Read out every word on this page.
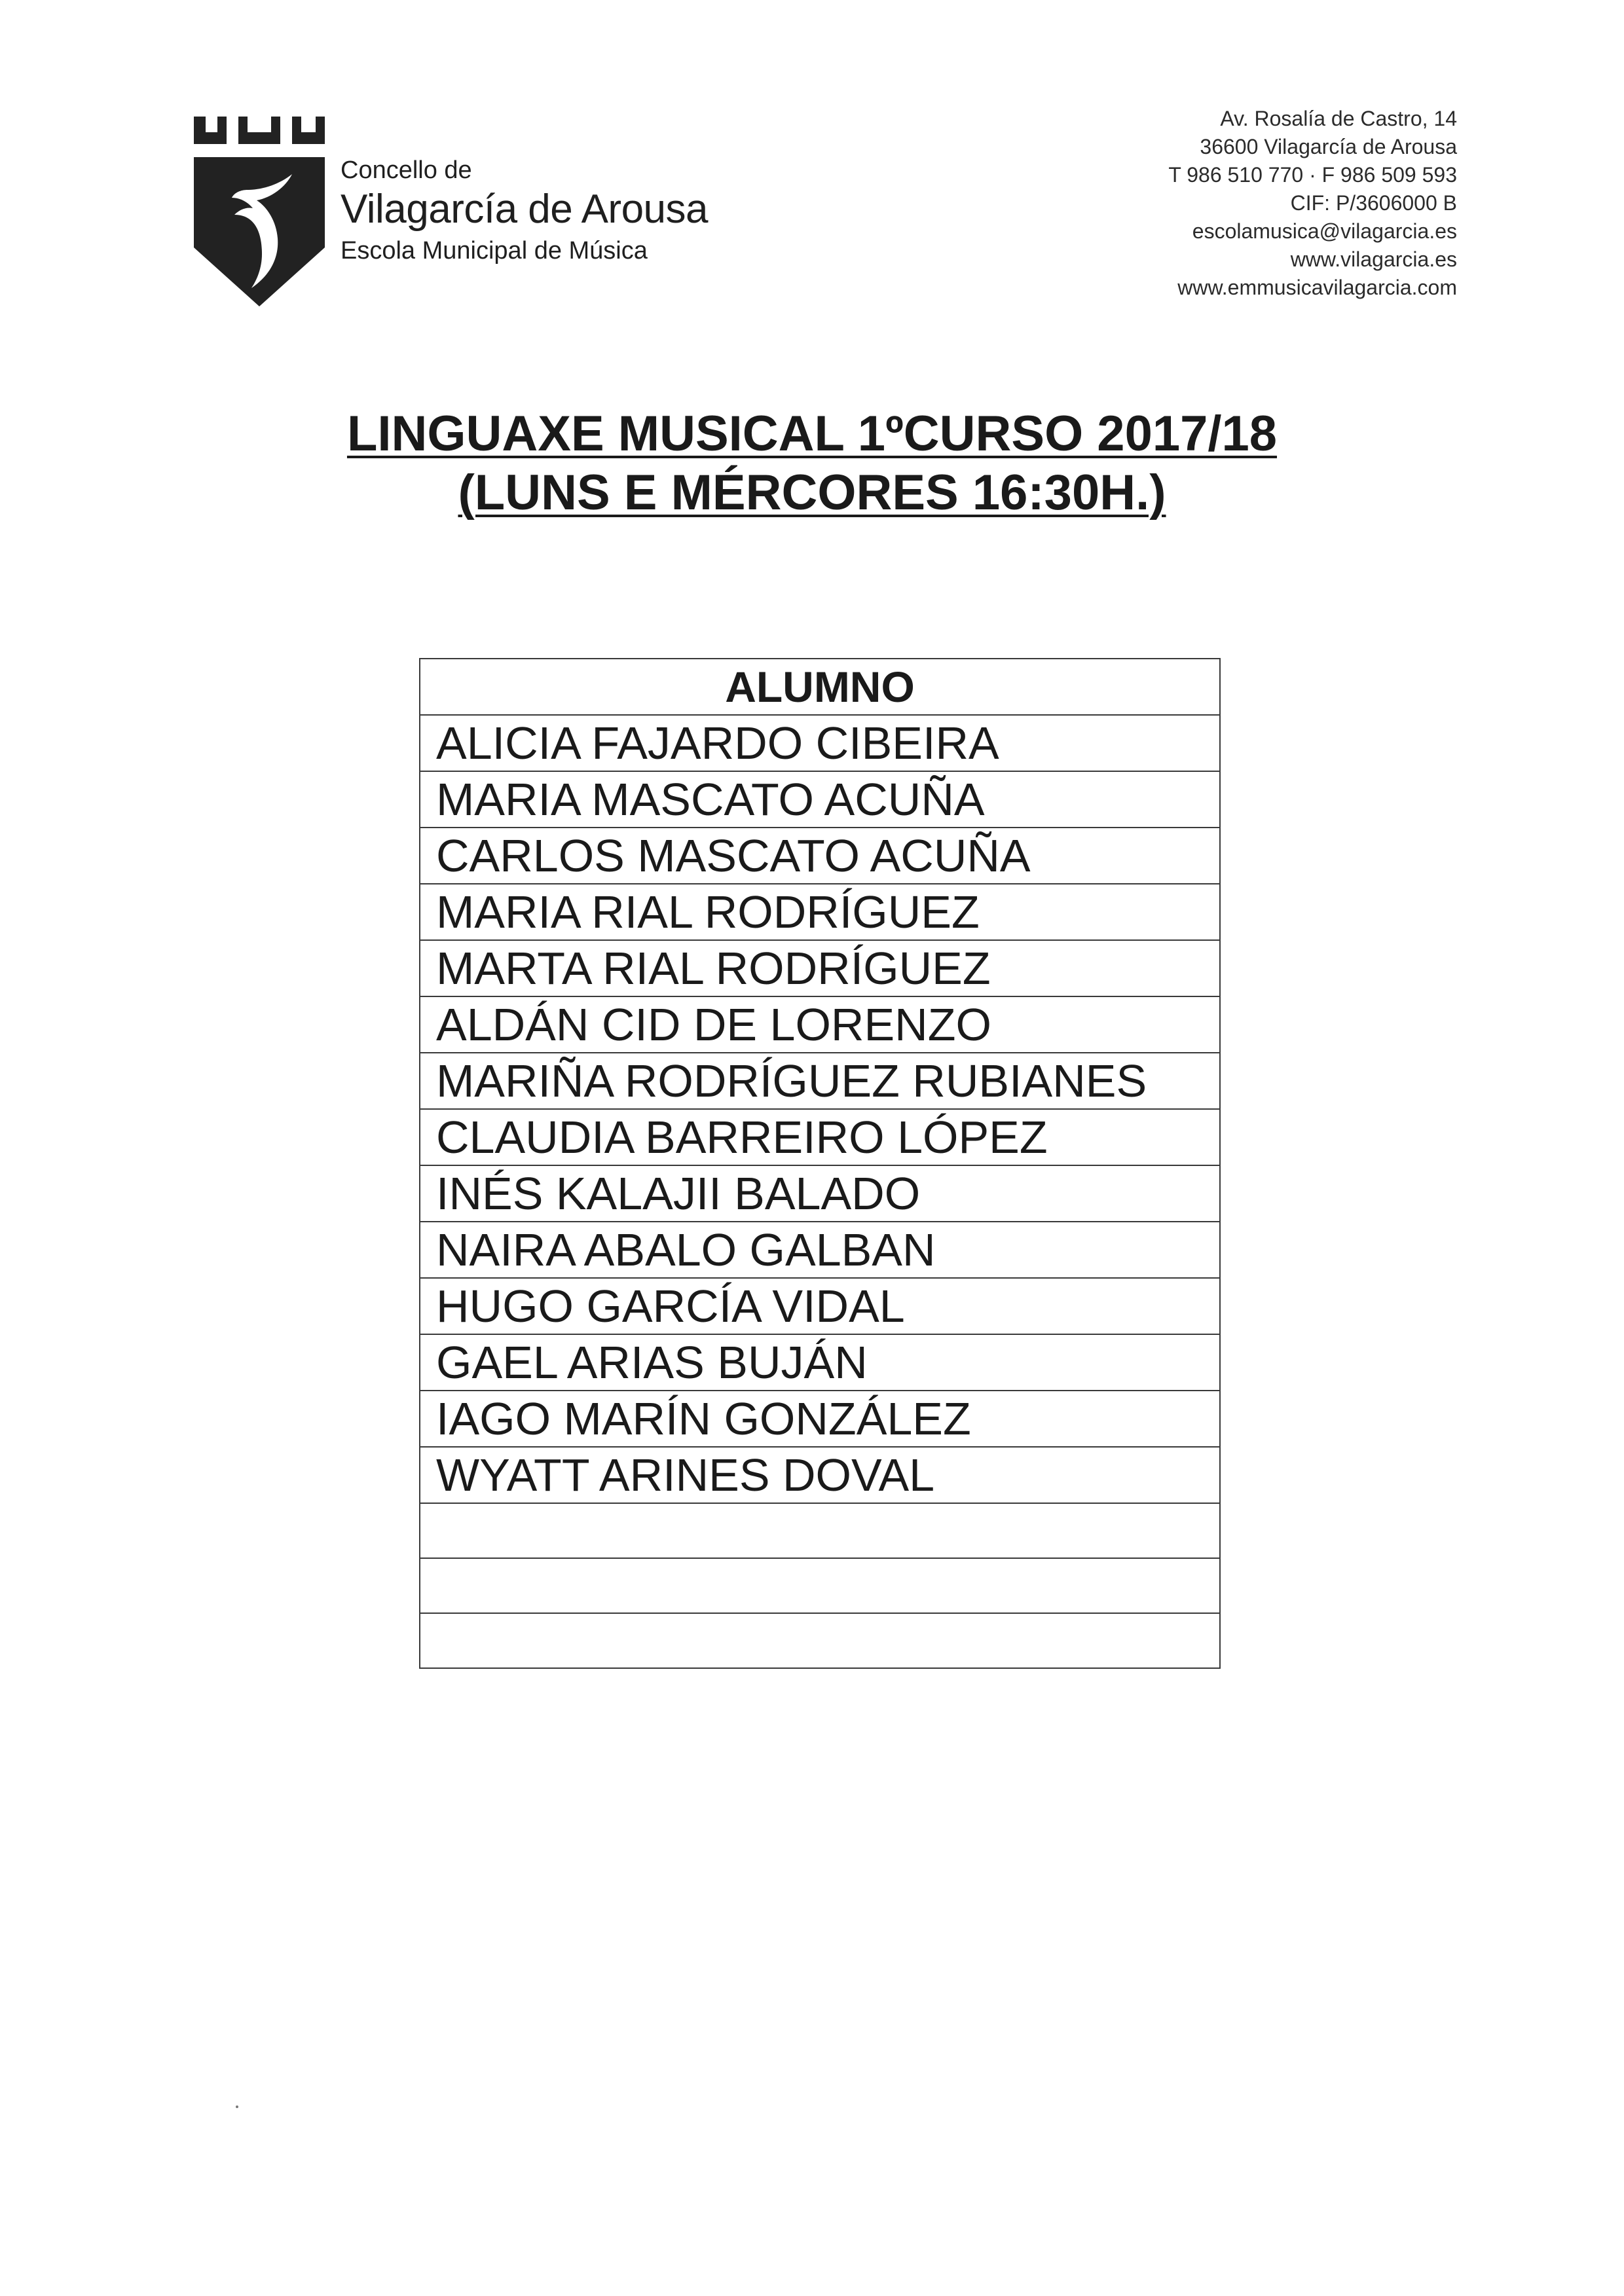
Concello de
Vilagarcía de Arousa
Escola Municipal de Música
Av. Rosalía de Castro, 14
36600 Vilagarcía de Arousa
T 986 510 770 · F 986 509 593
CIF: P/3606000 B
escolamusica@vilagarcia.es
www.vilagarcia.es
www.emmusicavilagarcia.com
LINGUAXE MUSICAL 1ºCURSO 2017/18
(LUNS E MÉRCORES 16:30H.)
ALUMNO
ALICIA FAJARDO CIBEIRA
MARIA MASCATO ACUÑA
CARLOS MASCATO ACUÑA
MARIA RIAL RODRÍGUEZ
MARTA RIAL RODRÍGUEZ
ALDÁN CID DE LORENZO
MARIÑA RODRÍGUEZ RUBIANES
CLAUDIA BARREIRO LÓPEZ
INÉS KALAJII BALADO
NAIRA ABALO GALBAN
HUGO GARCÍA VIDAL
GAEL ARIAS BUJÁN
IAGO MARÍN GONZÁLEZ
WYATT ARINES DOVAL
